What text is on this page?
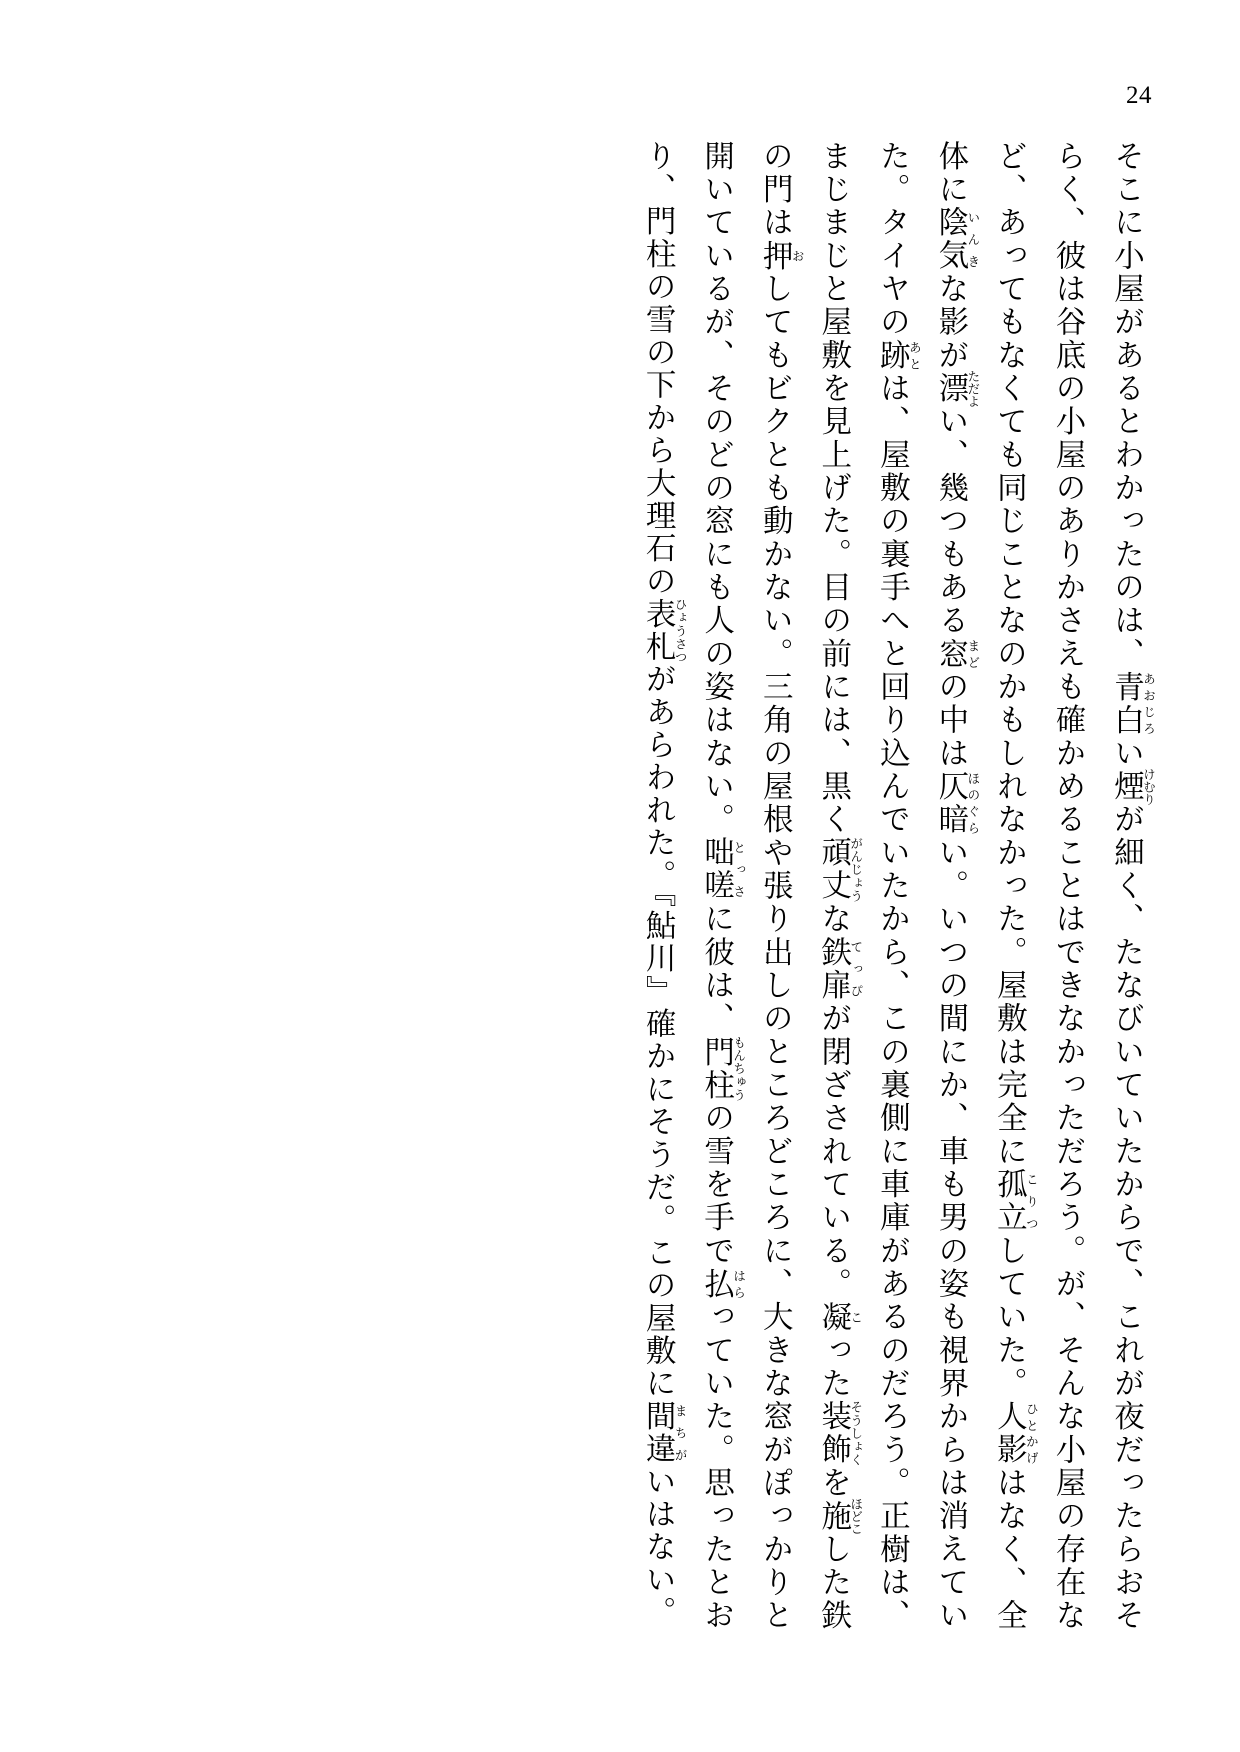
24

そこに小屋があるとわかったのは、青白あおじろい煙けむりが細く、たなびいていたからで、これが夜だったらおそらく、彼は谷底の小屋のありかさえも確かめることはできなかっただろう。が、そんな小屋の存在など、あってもなくても同じことなのかもしれなかった。屋敷は完全に孤立こりつしていた。人影ひとかげはなく、全体に陰気いんきな影が漂ただよい、幾つもある窓まどの中は仄暗ほのぐらい。いつの間にか、車も男の姿も視界からは消えていた。タイヤの跡あとは、屋敷の裏手へと回り込んでいたから、この裏側に車庫があるのだろう。正樹は、まじまじと屋敷を見上げた。目の前には、黒く頑丈がんじょうな鉄扉てっぴが閉ざされている。凝こった装飾そうしょくを施ほどこした鉄の門は押おしてもビクとも動かない。三角の屋根や張り出しのところどころに、大きな窓がぽっかりと開いているが、そのどの窓にも人の姿はない。咄嗟とっさに彼は、門柱もんちゅうの雪を手で払はらっていた。思ったとおり、門柱の雪の下から大理石の表札ひょうさつがあらわれた。『鮎川』確かにそうだ。この屋敷に間違まちがいはない。
